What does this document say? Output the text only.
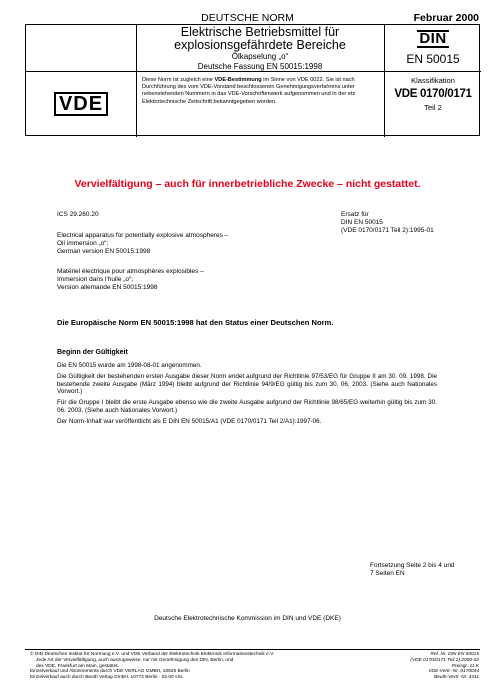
DEUTSCHE NORM	Februar 2000
Elektrische Betriebsmittel für
explosionsgefährdete Bereiche
Ölkapselung „o“
Deutsche Fassung EN 50015:1998
DIN
EN 50015
VDE
Diese Norm ist zugleich eine VDE-Bestimmung im Sinne von VDE 0022. Sie ist nach Durchführung des vom VDE-Vorstand beschlossenen Genehmigungsverfahrens unter nebenstehenden Nummern in das VDE-Vorschriftenwerk aufgenommen und in der etz Elektrotechnische Zeitschrift bekanntgegeben worden.
Klassifikation
VDE 0170/0171
Teil 2
Vervielfältigung – auch für innerbetriebliche Zwecke – nicht gestattet.
ICS 29.260.20	Ersatz für
DIN EN 50015
(VDE 0170/0171 Teil 2):1995-01
Electrical apparatus for potentially explosive atmospheres –
Oil immersion „o“;
German version EN 50015:1998
Matériel électrique pour atmosphères explosibles –
Immersion dans l'huile „o“;
Version allemande EN 50015:1998
Die Europäische Norm EN 50015:1998 hat den Status einer Deutschen Norm.
Beginn der Gültigkeit

Die EN 50015 wurde am 1998-08-01 angenommen.

Die Gültigkeit der bestehenden ersten Ausgabe dieser Norm endet aufgrund der Richtlinie 97/53/EG für Gruppe II am 30. 09. 1998. Die bestehende zweite Ausgabe (März 1994) bleibt aufgrund der Richtlinie 94/9/EG gültig bis zum 30. 06. 2003. (Siehe auch Nationales Vorwort.)

Für die Gruppe I bleibt die erste Ausgabe ebenso wie die zweite Ausgabe aufgrund der Richtlinie 98/65/EG weiterhin gültig bis zum 30. 06. 2003. (Siehe auch Nationales Vorwort.)

Der Norm-Inhalt war veröffentlicht als E DIN EN 50015/A1 (VDE 0170/0171 Teil 2/A1):1997-06.

Fortsetzung Seite 2 bis 4 und
7 Seiten EN
Deutsche Elektrotechnische Kommission im DIN und VDE (DKE)
© DIN Deutsches Institut für Normung e.V. und VDE Verband der Elektrotechnik Elektronik Informationstechnik e.V.
Jede Art der Vervielfältigung, auch auszugsweise, nur mit Genehmigung des DIN, Berlin, und
des VDE, Frankfurt am Main, gestattet.
Einzelverkauf und Abonnements durch VDE-VERLAG GMBH, 10625 Berlin
Einzelverkauf auch durch Beuth Verlag GmbH, 10772 Berlin · 02.00 vSc
Ref. Nr. DIN EN 50015
(VDE 0170/0171 Teil 2):2000-02
Preisgr. 11 K
VDE-Vertr.-Nr. 0170044
Beuth-Vertr.-Nr. 3311
